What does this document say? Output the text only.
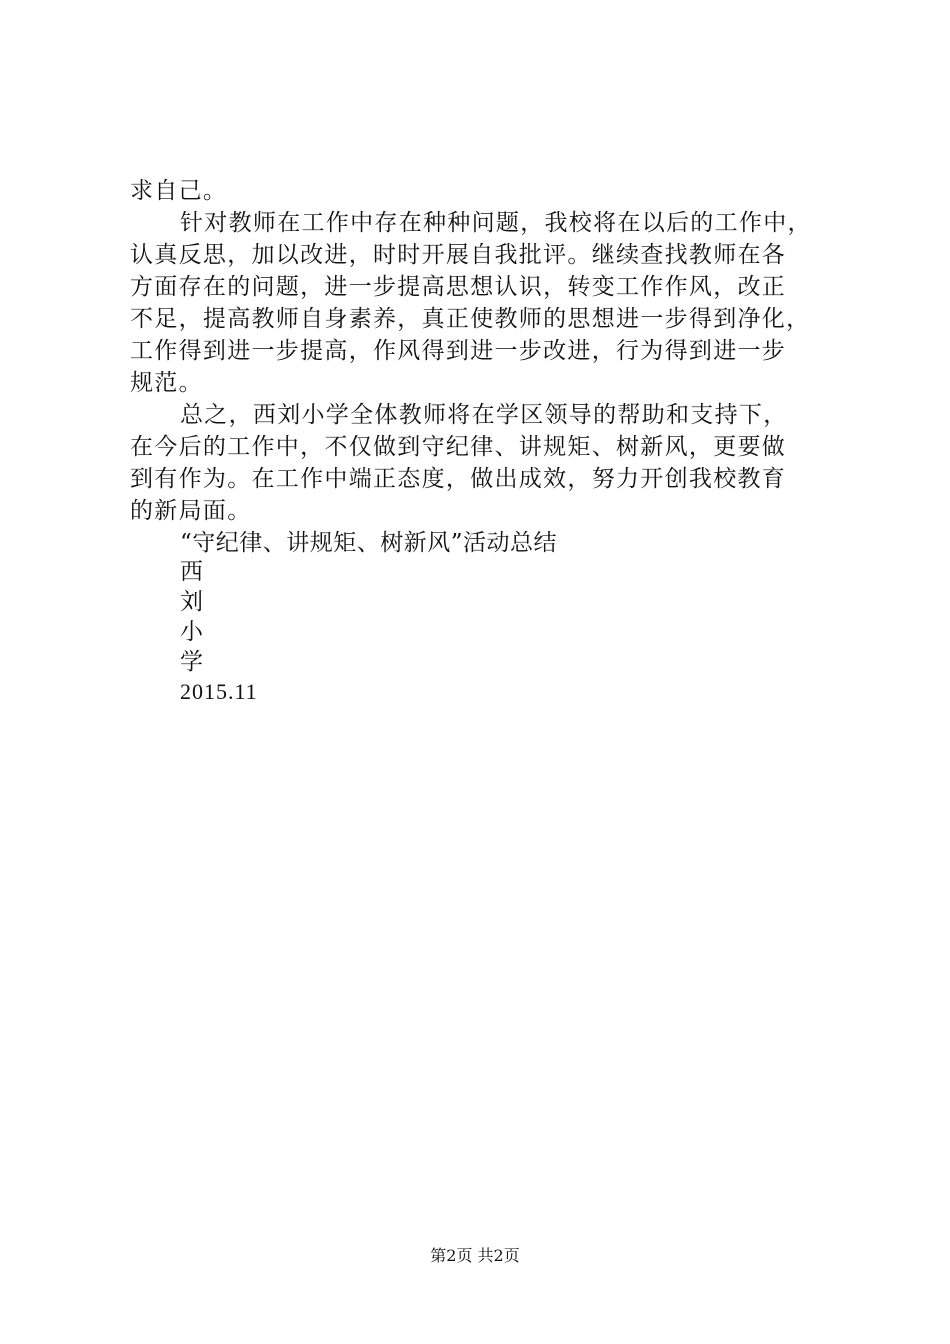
求自己。
针对教师在工作中存在种种问题，我校将在以后的工作中，
认真反思，加以改进，时时开展自我批评。继续查找教师在各
方面存在的问题，进一步提高思想认识，转变工作作风，改正
不足，提高教师自身素养，真正使教师的思想进一步得到净化，
工作得到进一步提高，作风得到进一步改进，行为得到进一步
规范。
总之，西刘小学全体教师将在学区领导的帮助和支持下，
在今后的工作中，不仅做到守纪律、讲规矩、树新风，更要做
到有作为。在工作中端正态度，做出成效，努力开创我校教育
的新局面。
“守纪律、讲规矩、树新风”活动总结
西
刘
小
学
2015.11
第2页 共2页
